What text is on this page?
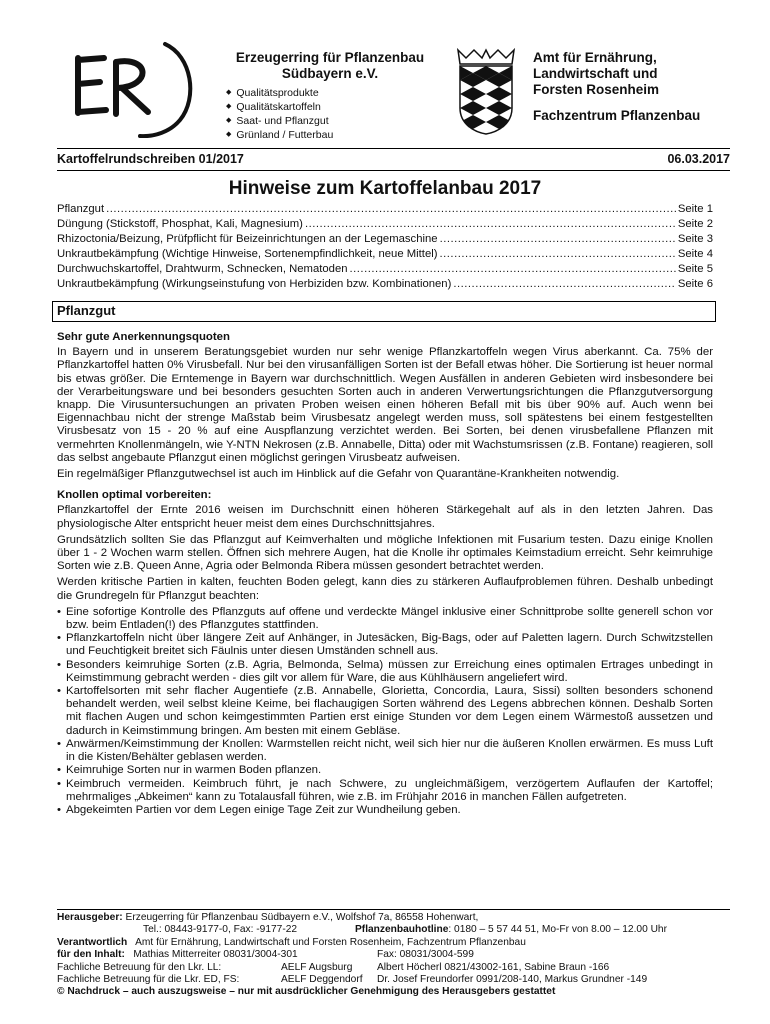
Erzeugerring für Pflanzenbau
Südbayern e.V.
◆ Qualitätsprodukte
◆ Qualitätskartoffeln
◆ Saat- und Pflanzgut
◆ Grünland / Futterbau
Amt für Ernährung,
Landwirtschaft und
Forsten Rosenheim
Fachzentrum Pflanzenbau
Kartoffelrundschreiben 01/2017	06.03.2017
Hinweise zum Kartoffelanbau 2017
Pflanzgut .....	Seite 1
Düngung (Stickstoff, Phosphat, Kali, Magnesium) .....	Seite 2
Rhizoctonia/Beizung, Prüfpflicht für Beizeinrichtungen an der Legemaschine .....	Seite 3
Unkrautbekämpfung (Wichtige Hinweise, Sortenempfindlichkeit, neue Mittel) .....	Seite 4
Durchwuchskartoffel, Drahtwurm, Schnecken, Nematoden .....	Seite 5
Unkrautbekämpfung (Wirkungseinstufung von Herbiziden bzw. Kombinationen) .....	Seite 6
Pflanzgut
Sehr gute Anerkennungsquoten

In Bayern und in unserem Beratungsgebiet wurden nur sehr wenige Pflanzkartoffeln wegen Virus aberkannt. Ca. 75% der Pflanzkartoffel hatten 0% Virusbefall. Nur bei den virusanfälligen Sorten ist der Befall etwas höher. Die Sortierung ist heuer normal bis etwas größer. Die Erntemenge in Bayern war durchschnittlich. Wegen Ausfällen in anderen Gebieten wird insbesondere bei der Verarbeitungsware und bei besonders gesuchten Sorten auch in anderen Verwertungsrichtungen die Pflanzgutversorgung knapp. Die Virusuntersuchungen an privaten Proben weisen einen höheren Befall mit bis über 90% auf. Auch wenn bei Eigennachbau nicht der strenge Maßstab beim Virusbesatz angelegt werden muss, soll spätestens bei einem festgestellten Virusbesatz von 15 - 20 % auf eine Auspflanzung verzichtet werden. Bei Sorten, bei denen virusbefallene Pflanzen mit vermehrten Knollenmängeln, wie Y-NTN Nekrosen (z.B. Annabelle, Ditta) oder mit Wachstumsrissen (z.B. Fontane) reagieren, soll das selbst angebaute Pflanzgut einen möglichst geringen Virusbeatz aufweisen.

Ein regelmäßiger Pflanzgutwechsel ist auch im Hinblick auf die Gefahr von Quarantäne-Krankheiten notwendig.

Knollen optimal vorbereiten:

Pflanzkartoffel der Ernte 2016 weisen im Durchschnitt einen höheren Stärkegehalt auf als in den letzten Jahren. Das physiologische Alter entspricht heuer meist dem eines Durchschnittsjahres.

Grundsätzlich sollten Sie das Pflanzgut auf Keimverhalten und mögliche Infektionen mit Fusarium testen. Dazu einige Knollen über 1 - 2 Wochen warm stellen. Öffnen sich mehrere Augen, hat die Knolle ihr optimales Keimstadium erreicht. Sehr keimruhige Sorten wie z.B. Queen Anne, Agria oder Belmonda Ribera müssen gesondert betrachtet werden.

Werden kritische Partien in kalten, feuchten Boden gelegt, kann dies zu stärkeren Auflaufproblemen führen. Deshalb unbedingt die Grundregeln für Pflanzgut beachten:

• Eine sofortige Kontrolle des Pflanzguts auf offene und verdeckte Mängel inklusive einer Schnittprobe sollte generell schon vor bzw. beim Entladen(!) des Pflanzgutes stattfinden.
• Pflanzkartoffeln nicht über längere Zeit auf Anhänger, in Jutesäcken, Big-Bags, oder auf Paletten lagern. Durch Schwitzstellen und Feuchtigkeit breitet sich Fäulnis unter diesen Umständen schnell aus.
• Besonders keimruhige Sorten (z.B. Agria, Belmonda, Selma) müssen zur Erreichung eines optimalen Ertrages unbedingt in Keimstimmung gebracht werden - dies gilt vor allem für Ware, die aus Kühlhäusern angeliefert wird.
• Kartoffelsorten mit sehr flacher Augentiefe (z.B. Annabelle, Glorietta, Concordia, Laura, Sissi) sollten besonders schonend behandelt werden, weil selbst kleine Keime, bei flachaugigen Sorten während des Legens abbrechen können. Deshalb Sorten mit flachen Augen und schon keimgestimmten Partien erst einige Stunden vor dem Legen einem Wärmestoß aussetzen und dadurch in Keimstimmung bringen. Am besten mit einem Gebläse.
• Anwärmen/Keimstimmung der Knollen: Warmstellen reicht nicht, weil sich hier nur die äußeren Knollen erwärmen. Es muss Luft in die Kisten/Behälter geblasen werden.
• Keimruhige Sorten nur in warmen Boden pflanzen.
• Keimbruch vermeiden. Keimbruch führt, je nach Schwere, zu ungleichmäßigem, verzögertem Auflaufen der Kartoffel; mehrmaliges „Abkeimen“ kann zu Totalausfall führen, wie z.B. im Frühjahr 2016 in manchen Fällen aufgetreten.
• Abgekeimten Partien vor dem Legen einige Tage Zeit zur Wundheilung geben.
Herausgeber: Erzeugerring für Pflanzenbau Südbayern e.V., Wolfshof 7a, 86558 Hohenwart,
Tel.: 08443-9177-0, Fax: -9177-22	Pflanzenbauhotline: 0180 – 5 57 44 51, Mo-Fr von 8.00 – 12.00 Uhr
Verantwortlich Amt für Ernährung, Landwirtschaft und Forsten Rosenheim, Fachzentrum Pflanzenbau
für den Inhalt: Mathias Mitterreiter 08031/3004-301	Fax: 08031/3004-599
Fachliche Betreuung für den Lkr. LL:	AELF Augsburg Albert Höcherl 0821/43002-161, Sabine Braun -166
Fachliche Betreuung für die Lkr. ED, FS:	AELF Deggendorf Dr. Josef Freundorfer 0991/208-140, Markus Grundner -149
© Nachdruck – auch auszugsweise – nur mit ausdrücklicher Genehmigung des Herausgebers gestattet
